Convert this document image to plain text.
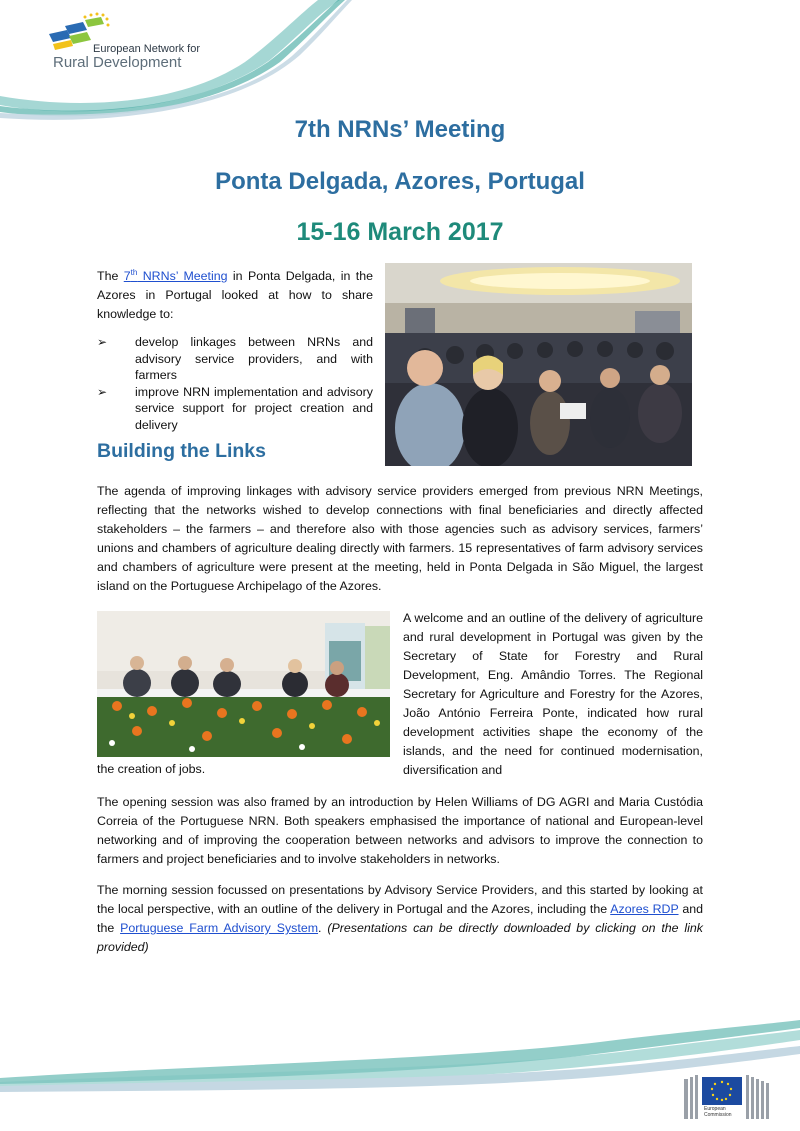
European Network for
Rural Development
7th NRNs’ Meeting
Ponta Delgada, Azores, Portugal
15-16 March 2017
The 7th NRNs’ Meeting in Ponta Delgada, in the Azores in Portugal looked at how to share knowledge to:
➢ develop linkages between NRNs and advisory service providers, and with farmers
➢ improve NRN implementation and advisory service support for project creation and delivery
Building the Links
The agenda of improving linkages with advisory service providers emerged from previous NRN Meetings, reflecting that the networks wished to develop connections with final beneficiaries and directly affected stakeholders – the farmers – and therefore also with those agencies such as advisory services, farmers’ unions and chambers of agriculture dealing directly with farmers. 15 representatives of farm advisory services and chambers of agriculture were present at the meeting, held in Ponta Delgada in São Miguel, the largest island on the Portuguese Archipelago of the Azores.
A welcome and an outline of the delivery of agriculture and rural development in Portugal was given by the Secretary of State for Forestry and Rural Development, Eng. Amândio Torres. The Regional Secretary for Agriculture and Forestry for the Azores, João António Ferreira Ponte, indicated how rural development activities shape the economy of the islands, and the need for continued modernisation, diversification and
the creation of jobs.
The opening session was also framed by an introduction by Helen Williams of DG AGRI and Maria Custódia Correia of the Portuguese NRN. Both speakers emphasised the importance of national and European-level networking and of improving the cooperation between networks and advisors to improve the connection to farmers and project beneficiaries and to involve stakeholders in networks.
The morning session focussed on presentations by Advisory Service Providers, and this started by looking at the local perspective, with an outline of the delivery in Portugal and the Azores, including the Azores RDP and the Portuguese Farm Advisory System. (Presentations can be directly downloaded by clicking on the link provided)
European
Commission
